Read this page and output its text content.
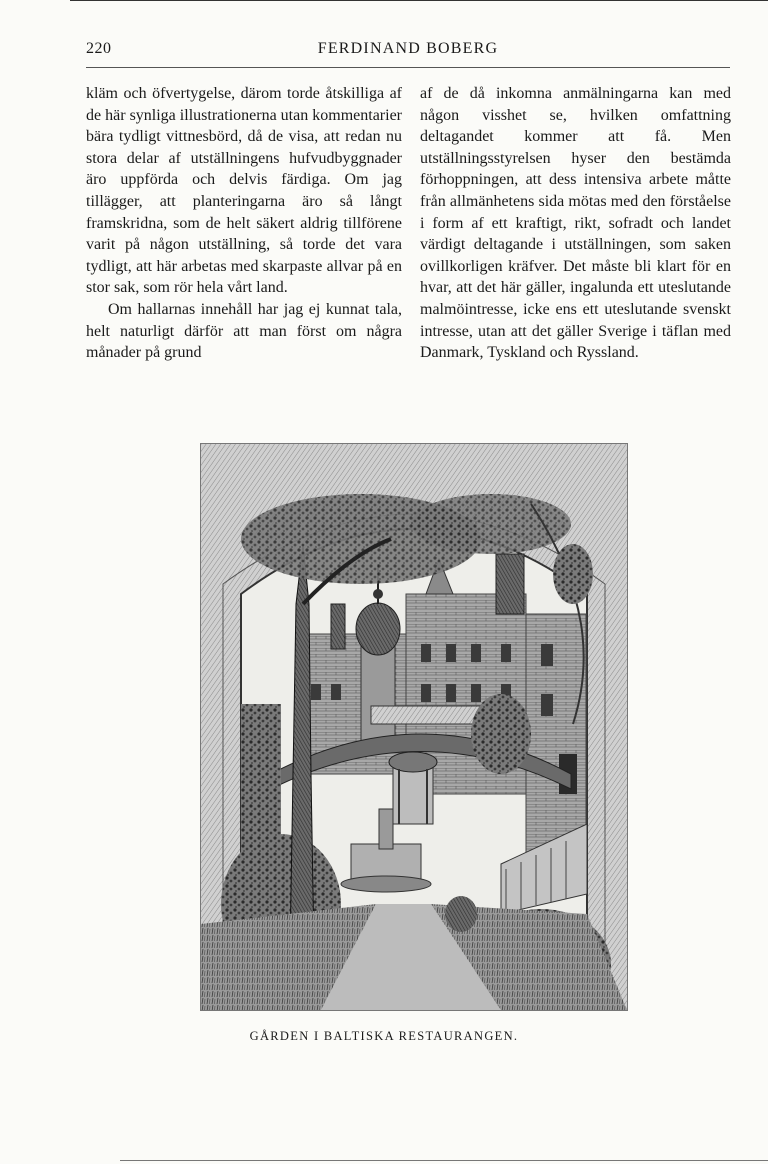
220	FERDINAND BOBERG

kläm och öfvertygelse, därom torde åtskilliga af de här synliga illustrationerna utan kommentarier bära tydligt vittnesbörd, då de visa, att redan nu stora delar af utställningens hufvudbyggnader äro uppförda och delvis färdiga. Om jag tillägger, att planteringarna äro så långt framskridna, som de helt säkert aldrig tillförene varit på någon utställning, så torde det vara tydligt, att här arbetas med skarpaste allvar på en stor sak, som rör hela vårt land.

Om hallarnas innehåll har jag ej kunnat tala, helt naturligt därför att man först om några månader på grund

af de då inkomna anmälningarna kan med någon visshet se, hvilken omfattning deltagandet kommer att få. Men utställningsstyrelsen hyser den bestämda förhoppningen, att dess intensiva arbete måtte från allmänhetens sida mötas med den förståelse i form af ett kraftigt, rikt, sofradt och landet värdigt deltagande i utställningen, som saken ovillkorligen kräfver. Det måste bli klart för en hvar, att det här gäller, ingalunda ett uteslutande malmöintresse, icke ens ett uteslutande svenskt intresse, utan att det gäller Sverige i täflan med Danmark, Tyskland och Ryssland.

GÅRDEN I BALTISKA RESTAURANGEN.
